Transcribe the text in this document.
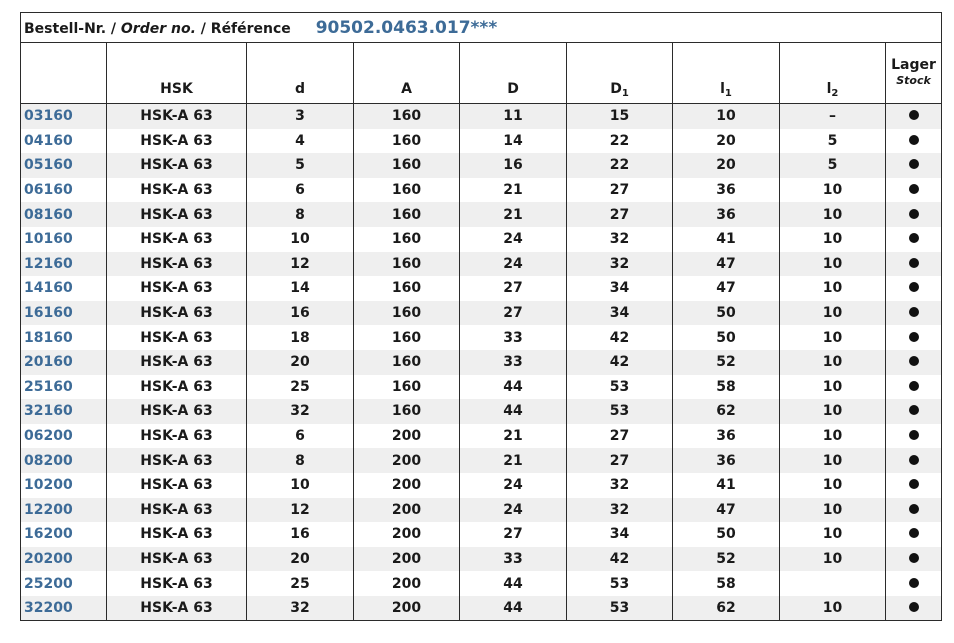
Bestell-Nr. / Order no. / Référence 90502.0463.017***								
	HSK	d	A	D	$D_1$	$l_1$	$l_2$	Lager
Stock

03160	HSK-A 63	3	160	11	15	10	–	
04160	HSK-A 63	4	160	14	22	20	5	
05160	HSK-A 63	5	160	16	22	20	5	
06160	HSK-A 63	6	160	21	27	36	10	
08160	HSK-A 63	8	160	21	27	36	10	
10160	HSK-A 63	10	160	24	32	41	10	
12160	HSK-A 63	12	160	24	32	47	10	
14160	HSK-A 63	14	160	27	34	47	10	
16160	HSK-A 63	16	160	27	34	50	10	
18160	HSK-A 63	18	160	33	42	50	10	
20160	HSK-A 63	20	160	33	42	52	10	
25160	HSK-A 63	25	160	44	53	58	10	
32160	HSK-A 63	32	160	44	53	62	10	
06200	HSK-A 63	6	200	21	27	36	10	
08200	HSK-A 63	8	200	21	27	36	10	
10200	HSK-A 63	10	200	24	32	41	10	
12200	HSK-A 63	12	200	24	32	47	10	
16200	HSK-A 63	16	200	27	34	50	10	
20200	HSK-A 63	20	200	33	42	52	10	
25200	HSK-A 63	25	200	44	53	58		
32200	HSK-A 63	32	200	44	53	62	10	
